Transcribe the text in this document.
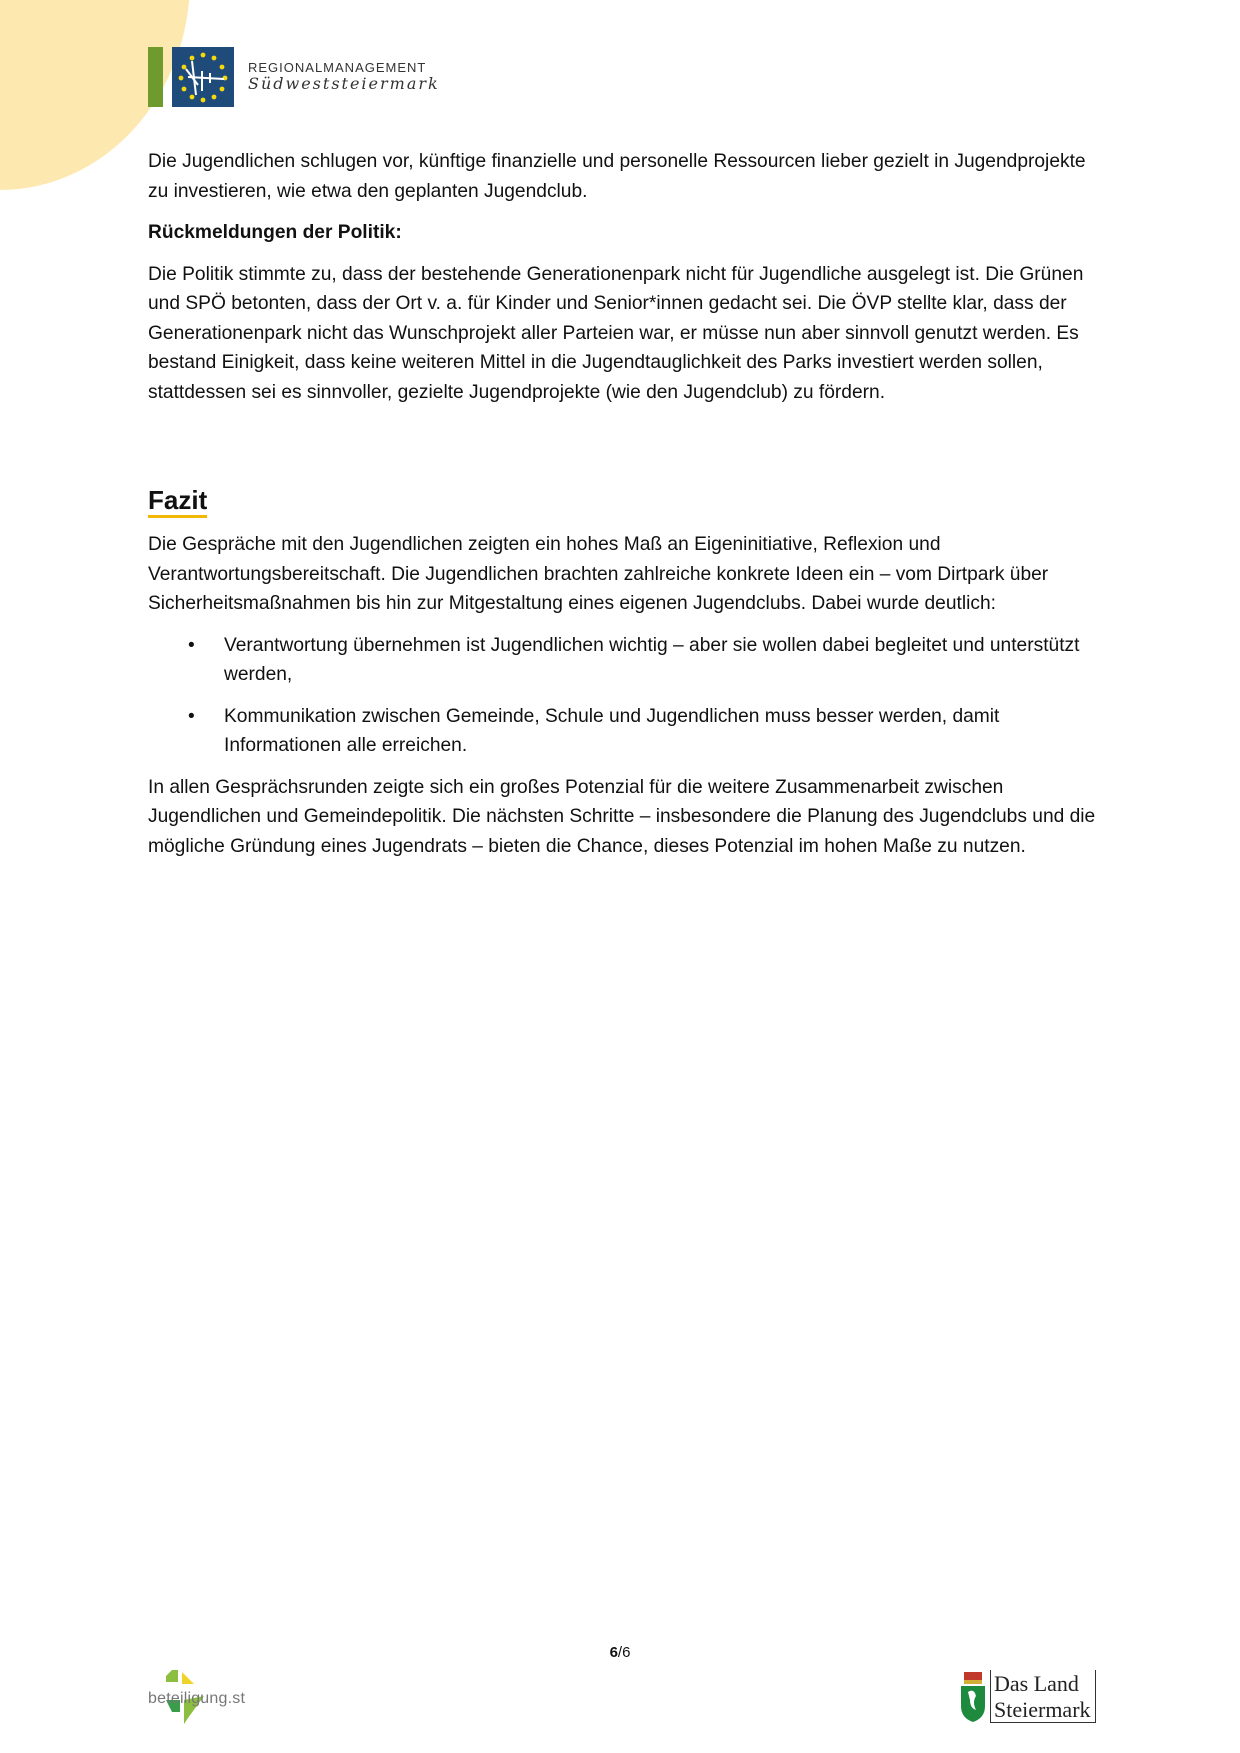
REGIONALMANAGEMENT
Südweststeiermark

Die Jugendlichen schlugen vor, künftige finanzielle und personelle Ressourcen lieber gezielt in Jugendprojekte zu investieren, wie etwa den geplanten Jugendclub.

Rückmeldungen der Politik:

Die Politik stimmte zu, dass der bestehende Generationenpark nicht für Jugendliche ausgelegt ist. Die Grünen und SPÖ betonten, dass der Ort v. a. für Kinder und Senior*innen gedacht sei. Die ÖVP stellte klar, dass der Generationenpark nicht das Wunschprojekt aller Parteien war, er müsse nun aber sinnvoll genutzt werden. Es bestand Einigkeit, dass keine weiteren Mittel in die Jugendtauglichkeit des Parks investiert werden sollen, stattdessen sei es sinnvoller, gezielte Jugendprojekte (wie den Jugendclub) zu fördern.

Fazit

Die Gespräche mit den Jugendlichen zeigten ein hohes Maß an Eigeninitiative, Reflexion und Verantwortungsbereitschaft. Die Jugendlichen brachten zahlreiche konkrete Ideen ein – vom Dirtpark über Sicherheitsmaßnahmen bis hin zur Mitgestaltung eines eigenen Jugendclubs. Dabei wurde deutlich:

• Verantwortung übernehmen ist Jugendlichen wichtig – aber sie wollen dabei begleitet und unterstützt werden,
• Kommunikation zwischen Gemeinde, Schule und Jugendlichen muss besser werden, damit Informationen alle erreichen.

In allen Gesprächsrunden zeigte sich ein großes Potenzial für die weitere Zusammenarbeit zwischen Jugendlichen und Gemeindepolitik. Die nächsten Schritte – insbesondere die Planung des Jugendclubs und die mögliche Gründung eines Jugendrats – bieten die Chance, dieses Potenzial im hohen Maße zu nutzen.

6/6
beteiligung.st
Das Land
Steiermark
